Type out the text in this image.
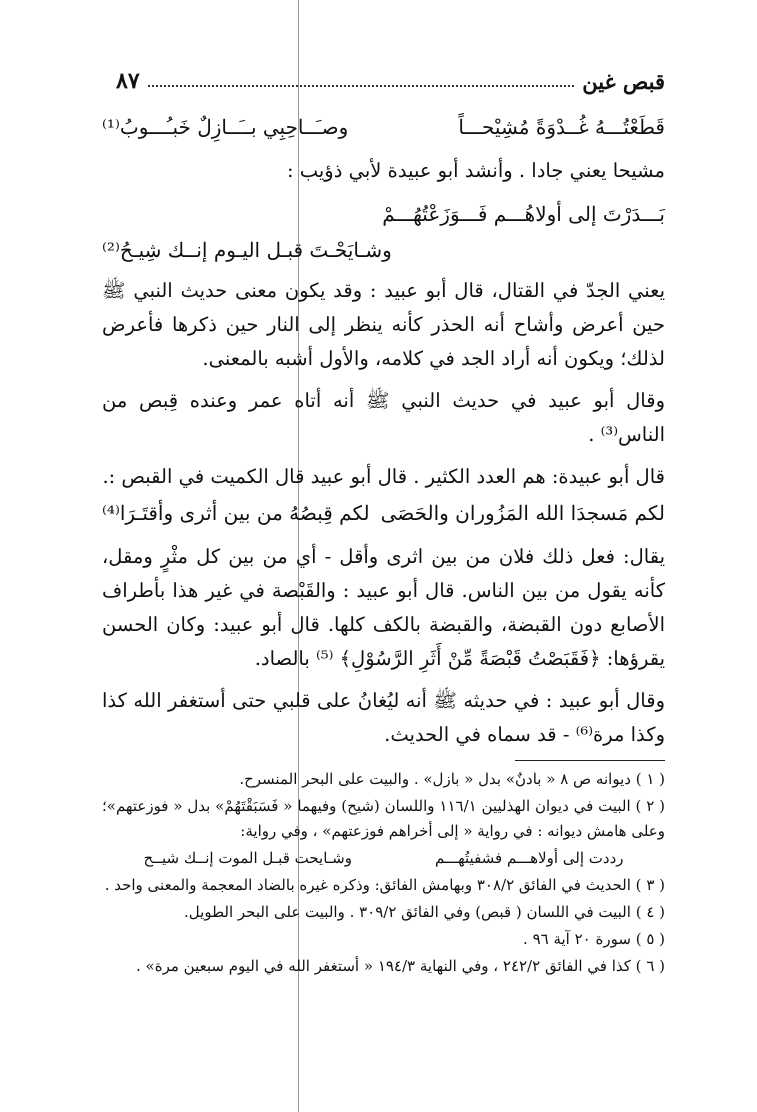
٨٧	قبص غين
قَطَعْتُـــهُ غُــدْوَةً مُشِيْحـــاً
وصـَــاحِبِي بــَــازِلٌ خَبـُـــوبُ⁽¹⁾

مشيحا يعني جادا . وأنشد أبو عبيدة لأبي ذؤيب :

بَـــدَرْتَ إلى أولاهُـــم فَـــوَزَعْتُهُـــمْ
وشـايَحْـتَ قبـل اليـوم إنــك شِيـحُ⁽²⁾

يعني الجدّ في القتال، قال أبو عبيد : وقد يكون معنى حديث النبي ﷺ حين أعرض وأشاح أنه الحذر كأنه ينظر إلى النار حين ذكرها فأعرض لذلك؛ ويكون أنه أراد الجد في كلامه، والأول أشبه بالمعنى.

وقال أبو عبيد في حديث النبي ﷺ أنه أتاه عمر وعنده قِبص من الناس⁽³⁾ .

قال أبو عبيدة: هم العدد الكثير . قال أبو عبيد قال الكميت في القبص :.

لكم مَسجدَا الله المَزُوران والحَصَى
لكم قِبصُهُ من بين أثرى وأقتَـرَا⁽⁴⁾

يقال: فعل ذلك فلان من بين اثرى وأقل - أي من بين كل مثْرٍ ومقل، كأنه يقول من بين الناس. قال أبو عبيد : والقَبْصة في غير هذا بأطراف الأصابع دون القبضة، والقبضة بالكف كلها. قال أبو عبيد: وكان الحسن يقرؤها: ﴿فَقَبَصْتُ قَبْصَةً مِّنْ أَثَرِ الرَّسُوْلِ﴾ ⁽⁵⁾ بالصاد.

وقال أبو عبيد : في حديثه ﷺ أنه ليُغانُ على قلبي حتى أستغفر الله كذا وكذا مرة⁽⁶⁾ - قد سماه في الحديث.

( ١ ) ديوانه ص ٨ « بادنٌ» بدل « بازل» . والبيت على البحر المنسرح.
( ٢ ) البيت في ديوان الهذليين ١١٦/١ واللسان (شيح) وفيهما « فَسَبَقْتَهُمْ» بدل « فوزعتهم»؛ وعلى هامش ديوانه : في رواية « إلى أخراهم فوزعتهم» ، وفي رواية:
رددت إلى أولاهـــم فشفيتُهـــم
وشـايحت قبـل الموت إنــك شيــح
( ٣ ) الحديث في الفائق ٣٠٨/٢ وبهامش الفائق: وذكره غيره بالضاد المعجمة والمعنى واحد .
( ٤ ) البيت في اللسان ( قبص) وفي الفائق ٣٠٩/٢ . والبيت على البحر الطويل.
( ٥ ) سورة ٢٠ آية ٩٦ .
( ٦ ) كذا في الفائق ٢٤٢/٢ ، وفي النهاية ١٩٤/٣ « أستغفر الله في اليوم سبعين مرة» .
